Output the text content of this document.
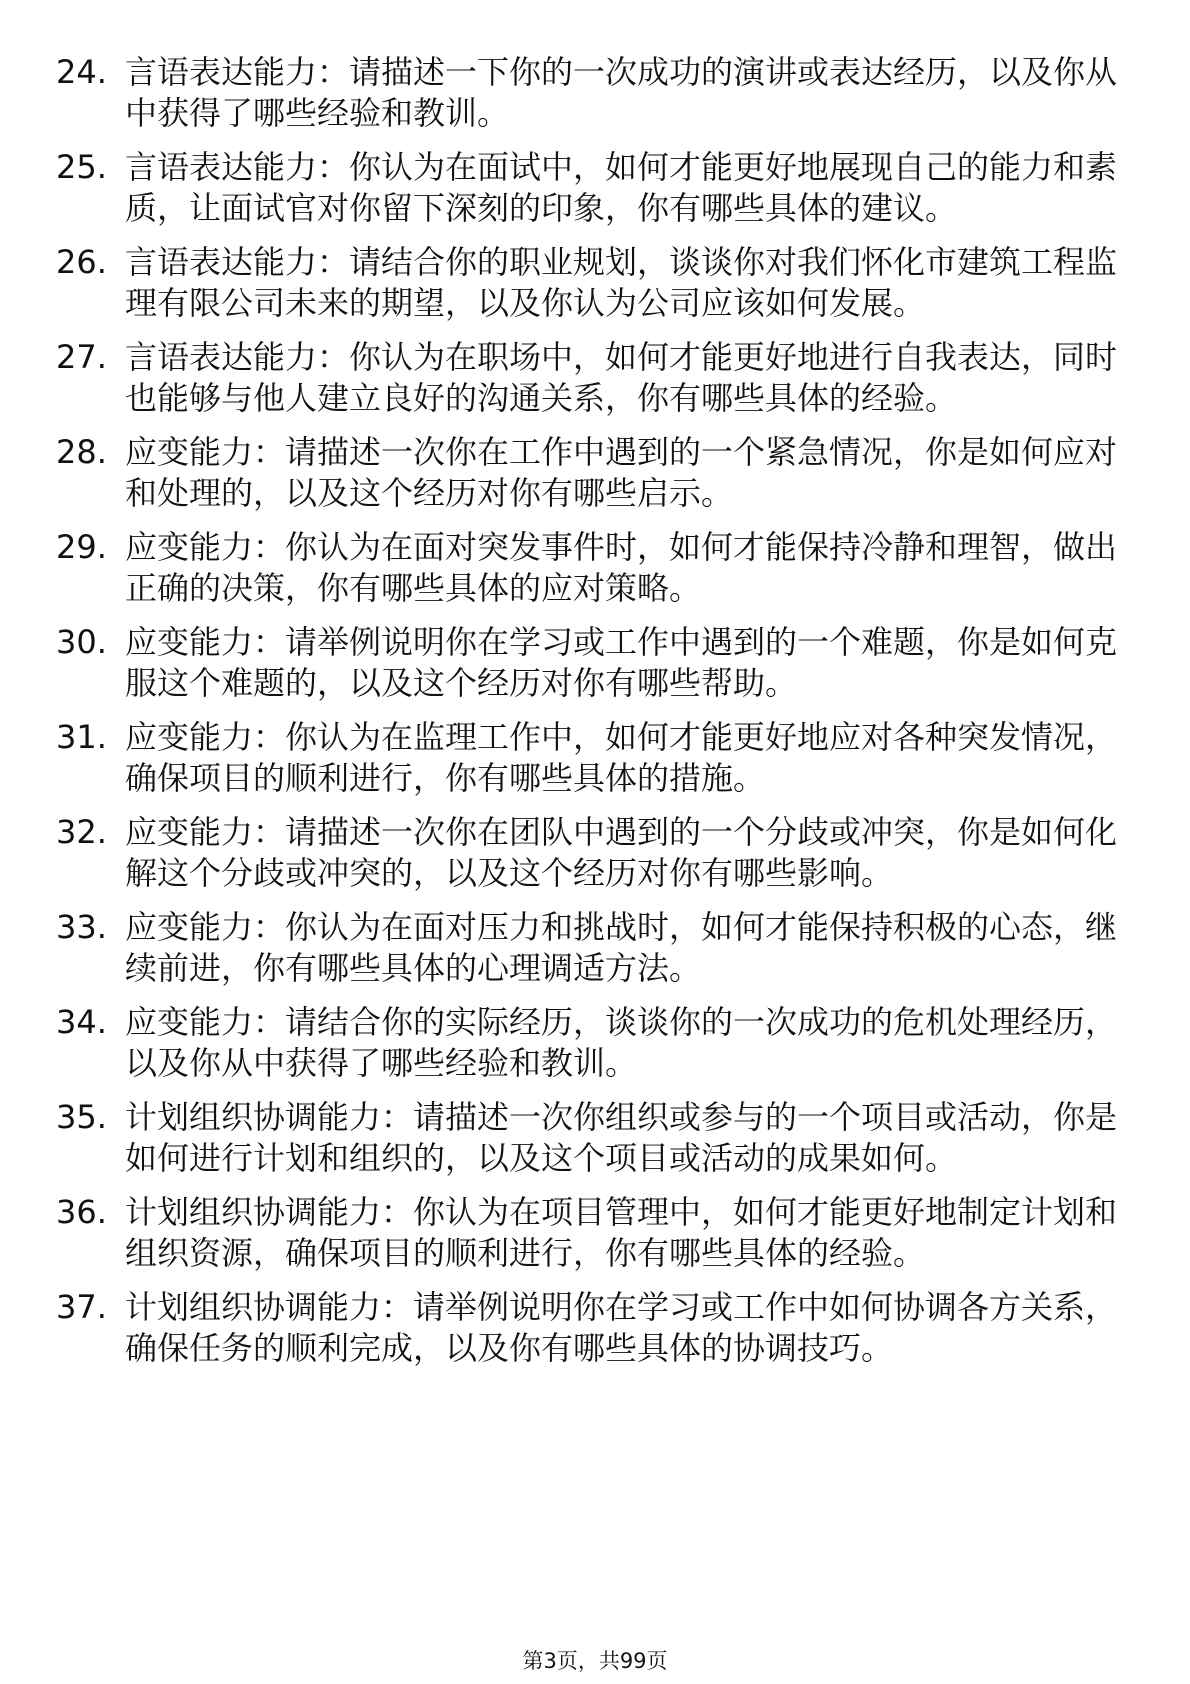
24. 言语表达能力：请描述一下你的一次成功的演讲或表达经历，以及你从中获得了哪些经验和教训。
25. 言语表达能力：你认为在面试中，如何才能更好地展现自己的能力和素质，让面试官对你留下深刻的印象，你有哪些具体的建议。
26. 言语表达能力：请结合你的职业规划，谈谈你对我们怀化市建筑工程监理有限公司未来的期望，以及你认为公司应该如何发展。
27. 言语表达能力：你认为在职场中，如何才能更好地进行自我表达，同时也能够与他人建立良好的沟通关系，你有哪些具体的经验。
28. 应变能力：请描述一次你在工作中遇到的一个紧急情况，你是如何应对和处理的，以及这个经历对你有哪些启示。
29. 应变能力：你认为在面对突发事件时，如何才能保持冷静和理智，做出正确的决策，你有哪些具体的应对策略。
30. 应变能力：请举例说明你在学习或工作中遇到的一个难题，你是如何克服这个难题的，以及这个经历对你有哪些帮助。
31. 应变能力：你认为在监理工作中，如何才能更好地应对各种突发情况，确保项目的顺利进行，你有哪些具体的措施。
32. 应变能力：请描述一次你在团队中遇到的一个分歧或冲突，你是如何化解这个分歧或冲突的，以及这个经历对你有哪些影响。
33. 应变能力：你认为在面对压力和挑战时，如何才能保持积极的心态，继续前进，你有哪些具体的心理调适方法。
34. 应变能力：请结合你的实际经历，谈谈你的一次成功的危机处理经历，以及你从中获得了哪些经验和教训。
35. 计划组织协调能力：请描述一次你组织或参与的一个项目或活动，你是如何进行计划和组织的，以及这个项目或活动的成果如何。
36. 计划组织协调能力：你认为在项目管理中，如何才能更好地制定计划和组织资源，确保项目的顺利进行，你有哪些具体的经验。
37. 计划组织协调能力：请举例说明你在学习或工作中如何协调各方关系，确保任务的顺利完成，以及你有哪些具体的协调技巧。
第3页，共99页
